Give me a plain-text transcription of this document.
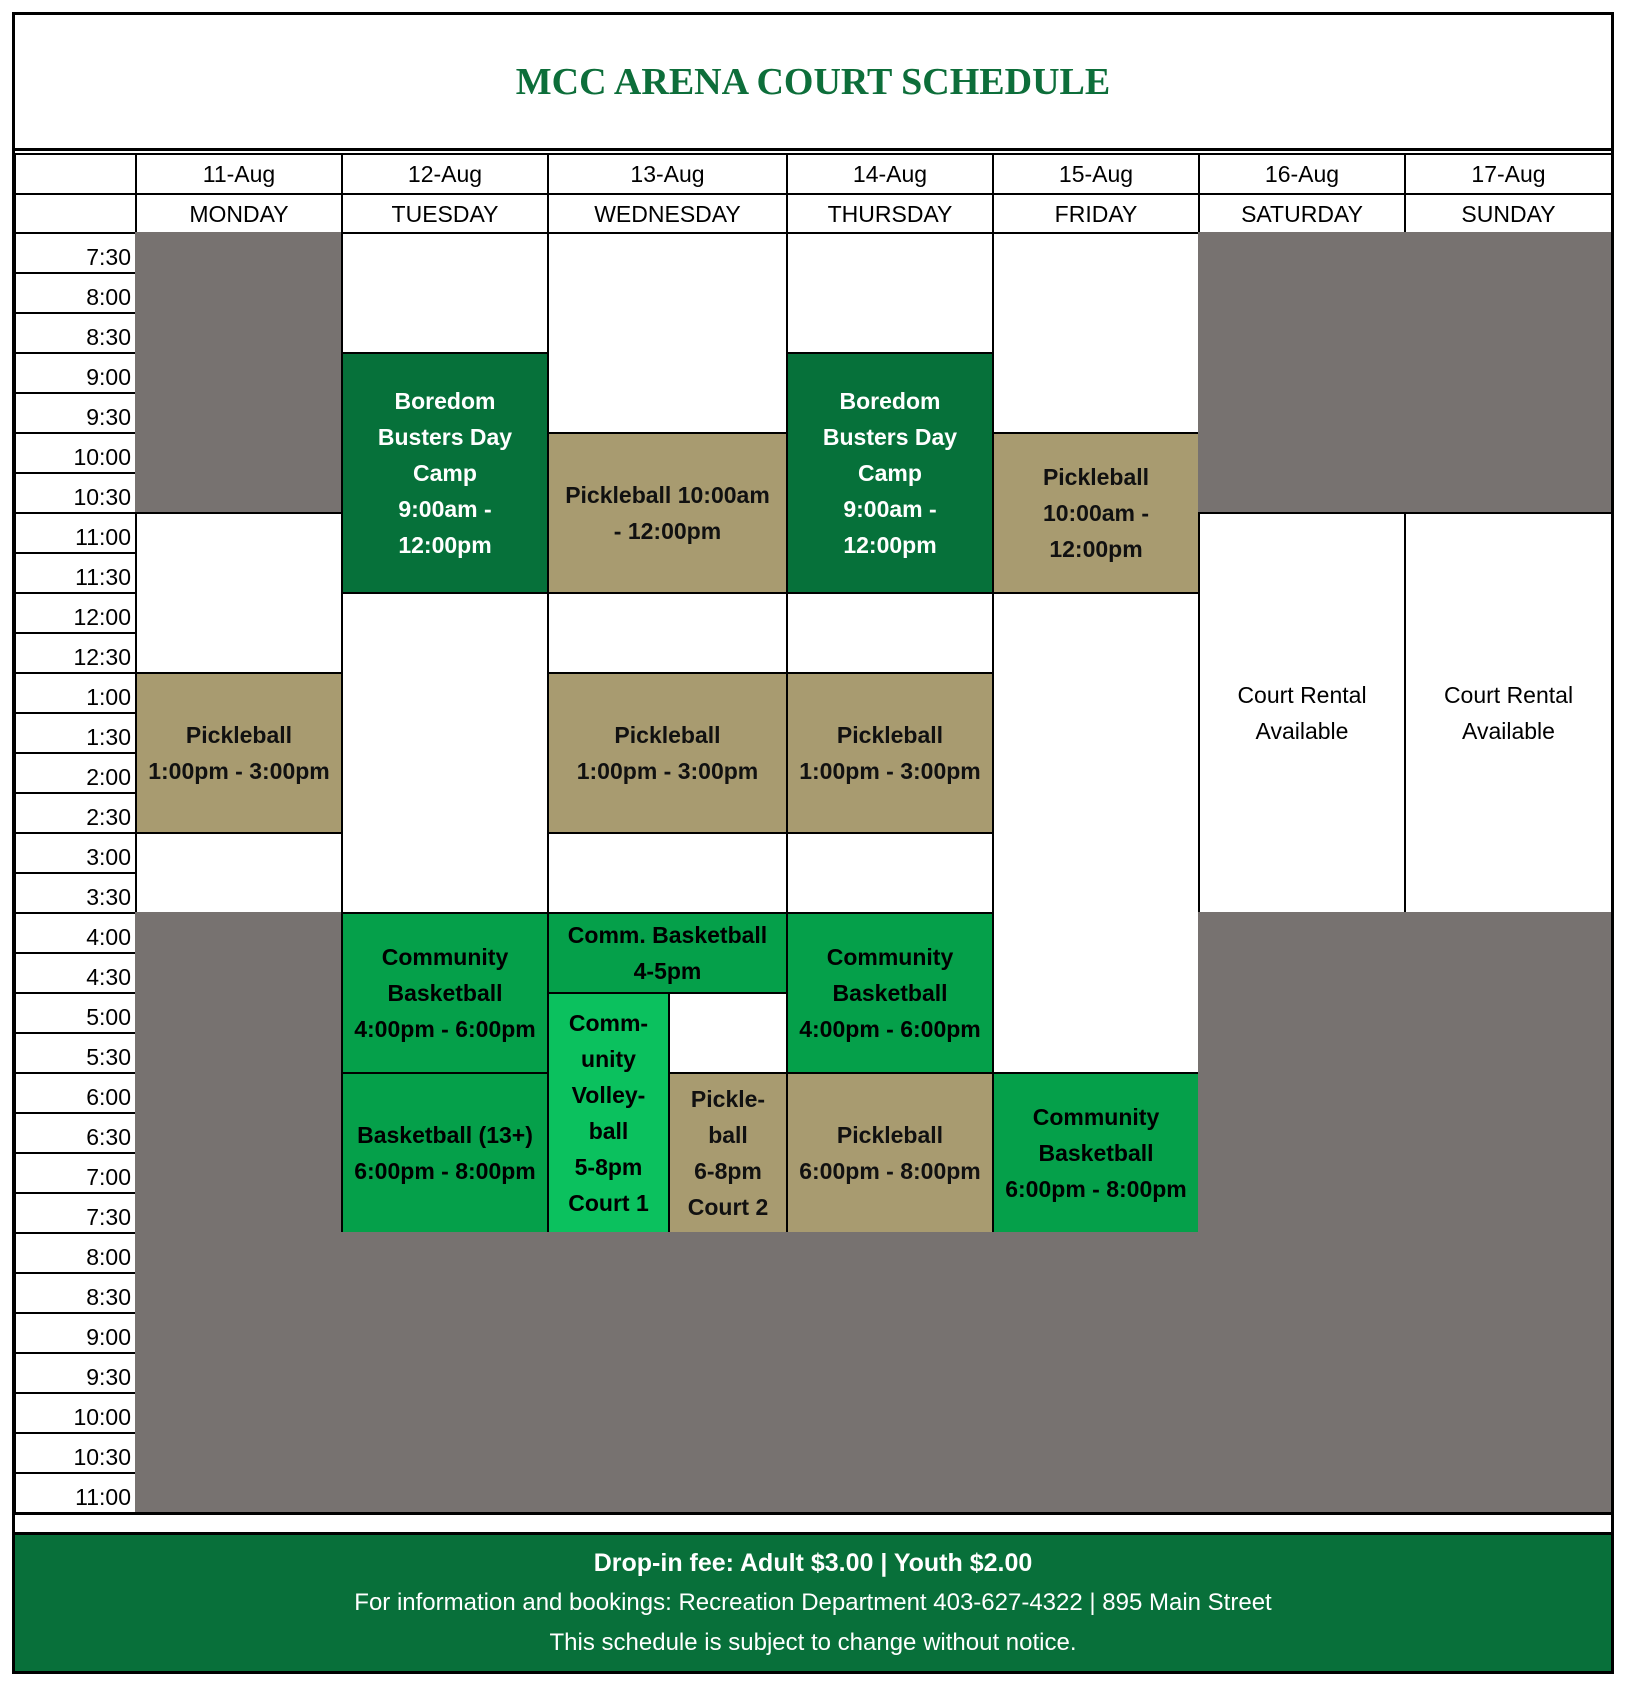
MCC ARENA COURT SCHEDULE
11-Aug
MONDAY
12-Aug
TUESDAY
13-Aug
WEDNESDAY
14-Aug
THURSDAY
15-Aug
FRIDAY
16-Aug
SATURDAY
17-Aug
SUNDAY
7:30
8:00
8:30
9:00
9:30
10:00
10:30
11:00
11:30
12:00
12:30
1:00
1:30
2:00
2:30
3:00
3:30
4:00
4:30
5:00
5:30
6:00
6:30
7:00
7:30
8:00
8:30
9:00
9:30
10:00
10:30
11:00
Pickleball
1:00pm - 3:00pm
Boredom
Busters Day
Camp
9:00am -
12:00pm
Community
Basketball
4:00pm - 6:00pm
Basketball (13+)
6:00pm - 8:00pm
Pickleball 10:00am
- 12:00pm
Pickleball
1:00pm - 3:00pm
Comm. Basketball
4-5pm
Comm-
unity
Volley-
ball
5-8pm
Court 1
Pickle-
ball
6-8pm
Court 2
Boredom
Busters Day
Camp
9:00am -
12:00pm
Pickleball
1:00pm - 3:00pm
Community
Basketball
4:00pm - 6:00pm
Pickleball
6:00pm - 8:00pm
Pickleball
10:00am -
12:00pm
Community
Basketball
6:00pm - 8:00pm
Court Rental
Available
Court Rental
Available
Drop-in fee: Adult $3.00 | Youth $2.00
For information and bookings: Recreation Department 403-627-4322 | 895 Main Street
This schedule is subject to change without notice.
